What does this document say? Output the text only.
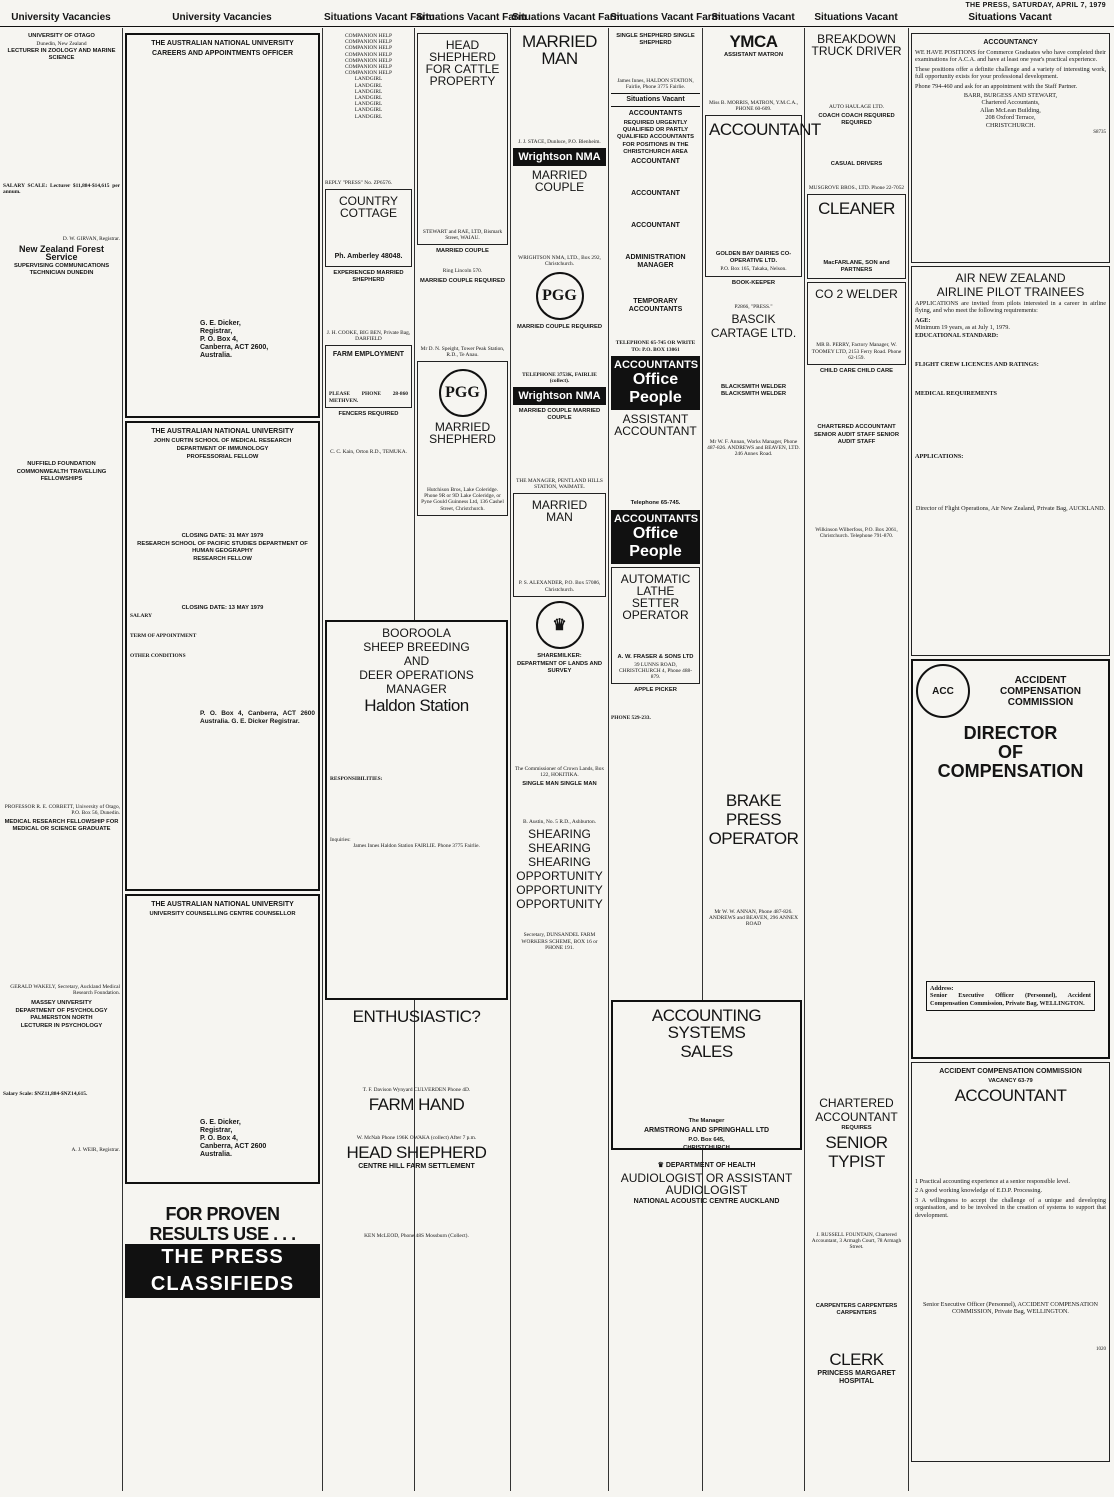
THE PRESS, SATURDAY, APRIL 7, 1979
University Vacancies	University Vacancies	Situations Vacant Farm
Situations Vacant Farm
Situations Vacant Farm
Situations Vacant Farm
Situations Vacant	Situations Vacant	Situations Vacant
UNIVERSITY OF OTAGO
Dunedin, New Zealand
LECTURER IN ZOOLOGY AND MARINE SCIENCE
SALARY SCALE: Lecturer $11,884-$14,615 per annum.
D. W. GIRVAN, Registrar.
New Zealand Forest Service
SUPERVISING COMMUNICATIONS TECHNICIAN DUNEDIN
NUFFIELD FOUNDATION
COMMONWEALTH TRAVELLING FELLOWSHIPS
PROFESSOR R. E. CORBETT, University of Otago, P.O. Box 56, Dunedin.
MEDICAL RESEARCH FELLOWSHIP FOR MEDICAL OR SCIENCE GRADUATE
GERALD WAKELY, Secretary, Auckland Medical Research Foundation.
MASSEY UNIVERSITY
DEPARTMENT OF PSYCHOLOGY PALMERSTON NORTH
LECTURER IN PSYCHOLOGY
Salary Scale: $NZ11,884-$NZ14,615.
A. J. WEIR, Registrar.
THE AUSTRALIAN NATIONAL UNIVERSITY
CAREERS AND APPOINTMENTS OFFICER
G. E. Dicker,
Registrar,
P. O. Box 4,
Canberra, ACT 2600,
Australia.
THE AUSTRALIAN NATIONAL UNIVERSITY
JOHN CURTIN SCHOOL OF MEDICAL RESEARCH
DEPARTMENT OF IMMUNOLOGY
PROFESSORIAL FELLOW
CLOSING DATE: 31 MAY 1979
RESEARCH SCHOOL OF PACIFIC STUDIES DEPARTMENT OF HUMAN GEOGRAPHY
RESEARCH FELLOW
CLOSING DATE: 13 MAY 1979
SALARY
TERM OF APPOINTMENT
OTHER CONDITIONS
P. O. Box 4, Canberra, ACT 2600 Australia. G. E. Dicker Registrar.
THE AUSTRALIAN NATIONAL UNIVERSITY
UNIVERSITY COUNSELLING CENTRE COUNSELLOR
G. E. Dicker,
Registrar,
P. O. Box 4,
Canberra, ACT 2600
Australia.
FOR PROVEN
RESULTS USE . . .
THE PRESS
CLASSIFIEDS
COMPANION HELP
COMPANION HELP
COMPANION HELP
COMPANION HELP
COMPANION HELP
COMPANION HELP
COMPANION HELP
LANDGIRL
LANDGIRL
LANDGIRL
LANDGIRL
LANDGIRL
LANDGIRL
LANDGIRL
REPLY "PRESS" No. ZP6576.
COUNTRY COTTAGE
Ph. Amberley 48048.
EXPERIENCED MARRIED SHEPHERD
J. H. COOKE, BIG BEN, Private Bag, DARFIELD
FARM EMPLOYMENT
PLEASE PHONE 28-860 METHVEN.
FENCERS REQUIRED
C. C. Kain, Orton R.D., TEMUKA.
BOOROOLA
SHEEP BREEDING
AND
DEER OPERATIONS
MANAGER
Haldon Station
RESPONSIBILITIES:
Inquiries:
James Innes Haldon Station FAIRLIE. Phone 3775 Fairlie.
ENTHUSIASTIC?
T. F. Davison Wynyard CULVERDEN Phone 4D.
FARM HAND
W. McNab Phone 196K OWAKA (collect) After 7 p.m.
HEAD SHEPHERD
CENTRE HILL FARM SETTLEMENT
KEN McLEOD, Phone 48S Mossburn (Collect).
HEAD SHEPHERD FOR CATTLE PROPERTY
STEWART and RAE, LTD, Bismark Street, WAIAU.
MARRIED COUPLE
Ring Lincoln 570.
MARRIED COUPLE REQUIRED
Mr D. N. Speight, Tower Peak Station, R.D., Te Anau.
PGG
MARRIED SHEPHERD
Hutchison Bros, Lake Coleridge. Phone 9R or 9D Lake Coleridge, or Pyne Gould Guinness Ltd, 136 Cashel Street, Christchurch.
MARRIED MAN
J. J. STACE, Dunluce, P.O. Blenheim.
Wrightson NMA
MARRIED COUPLE
WRIGHTSON NMA, LTD., Box 292, Christchurch.
PGG
MARRIED COUPLE REQUIRED
TELEPHONE 3753K, FAIRLIE (collect).
Wrightson NMA
MARRIED COUPLE MARRIED COUPLE
THE MANAGER, PENTLAND HILLS STATION, WAIMATE.
MARRIED MAN
P. S. ALEXANDER, P.O. Box 57086, Christchurch.
♛
SHAREMILKER:
DEPARTMENT OF LANDS AND SURVEY
The Commissioner of Crown Lands, Box 122, HOKITIKA.
SINGLE MAN SINGLE MAN
B. Austin, No. 5 R.D., Ashburton.
SHEARING
SHEARING
SHEARING
OPPORTUNITY
OPPORTUNITY
OPPORTUNITY
Secretary, DUNSANDEL FARM WORKERS SCHEME, BOX 16 or PHONE 191.
SINGLE SHEPHERD SINGLE SHEPHERD
James Innes, HALDON STATION, Fairlie, Phone 3775 Fairlie.
Situations Vacant
ACCOUNTANTS
REQUIRED URGENTLY QUALIFIED OR PARTLY QUALIFIED ACCOUNTANTS
FOR POSITIONS IN THE CHRISTCHURCH AREA
ACCOUNTANT
ACCOUNTANT
ACCOUNTANT
ADMINISTRATION MANAGER
TEMPORARY ACCOUNTANTS
TELEPHONE 65-745 OR WRITE TO: P.O. BOX 13061
ACCOUNTANTS
Office People
ASSISTANT ACCOUNTANT
Telephone 65-745.
ACCOUNTANTS
Office People
AUTOMATIC LATHE SETTER OPERATOR
A. W. FRASER & SONS LTD
39 LUNNS ROAD, CHRISTCHURCH 4, Phone 488-879.
APPLE PICKER
PHONE 529-233.
YMCA
ASSISTANT MATRON
Miss B. MORRIS, MATRON, Y.M.C.A., PHONE 60-609.
ACCOUNTANT
GOLDEN BAY DAIRIES CO-OPERATIVE LTD.
P.O. Box 165, Takaka, Nelson.
BOOK-KEEPER
P2866, "PRESS."
BASCIK
CARTAGE LTD.
BLACKSMITH WELDER BLACKSMITH WELDER
Mr W. F. Annan, Works Manager, Phone 487-826. ANDREWS and BEAVEN, LTD. 246 Annex Road.
BRAKE
PRESS
OPERATOR
Mr W. W. ANNAN, Phone 487-826. ANDREWS and BEAVEN, 296 ANNEX ROAD
ACCOUNTING SYSTEMS
SALES
The Manager
ARMSTRONG AND SPRINGHALL LTD
P.O. Box 645,
CHRISTCHURCH
♛ DEPARTMENT OF HEALTH
AUDIOLOGIST OR ASSISTANT AUDIOLOGIST
NATIONAL ACOUSTIC CENTRE AUCKLAND
BREAKDOWN TRUCK DRIVER
AUTO HAULAGE LTD.
COACH COACH REQUIRED REQUIRED
CASUAL DRIVERS
MUSGROVE BROS., LTD. Phone 22-7052
CLEANER
MacFARLANE, SON and PARTNERS
CO 2 WELDER
MR B. PERRY, Factory Manager, W. TOOMEY LTD, 2153 Ferry Road. Phone 62-159.
CHILD CARE CHILD CARE
CHARTERED ACCOUNTANT
SENIOR AUDIT STAFF SENIOR AUDIT STAFF
Wilkinson Wilberfoss, P.O. Box 2061, Christchurch. Telephone 791-870.
CHARTERED
ACCOUNTANT
REQUIRES
SENIOR
TYPIST
J. RUSSELL FOUNTAIN, Chartered Accountant, 3 Armagh Court, 78 Armagh Street.
CARPENTERS CARPENTERS CARPENTERS
CLERK
PRINCESS MARGARET HOSPITAL
ACCOUNTANCY

WE HAVE POSITIONS for Commerce Graduates who have completed their examinations for A.C.A. and have at least one year's practical experience.

These positions offer a definite challenge and a variety of interesting work, full opportunity exists for your professional development.

Phone 794-460 and ask for an appointment with the Staff Partner.

BARR, BURGESS AND STEWART,
Chartered Accountants,
Allan McLean Building,
208 Oxford Terrace,
CHRISTCHURCH.
S8735
AIR NEW ZEALAND
AIRLINE PILOT TRAINEES

APPLICATIONS are invited from pilots interested in a career in airline flying, and who meet the following requirements:

AGE:
Minimum 19 years, as at July 1, 1979.
EDUCATIONAL STANDARD:
FLIGHT CREW LICENCES AND RATINGS:
MEDICAL REQUIREMENTS
APPLICATIONS:
Director of Flight Operations, Air New Zealand, Private Bag, AUCKLAND.
ACC
ACCIDENT
COMPENSATION
COMMISSION
DIRECTOR
OF
COMPENSATION
Address:
Senior Executive Officer (Personnel), Accident Compensation Commission, Private Bag, WELLINGTON.
ACCIDENT COMPENSATION COMMISSION
VACANCY 63-79
ACCOUNTANT
1 Practical accounting experience at a senior responsible level.
2 A good working knowledge of E.D.P. Processing.
3 A willingness to accept the challenge of a unique and developing organisation, and to be involved in the creation of systems to support that development.
Senior Executive Officer (Personnel), ACCIDENT COMPENSATION COMMISSION, Private Bag, WELLINGTON.
1020
